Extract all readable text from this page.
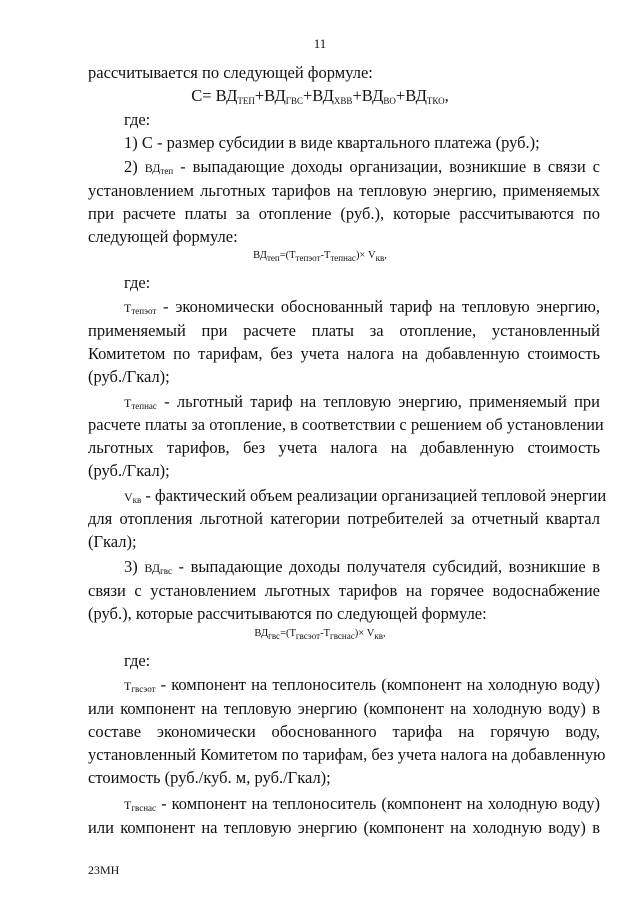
11
рассчитывается по следующей формуле:
$С= ВД_{ТЕП}+ВД_{ГВС}+ВД_{ХВВ}+ВД_{ВО}+ВД_{ТКО}$,
где:
1) С - размер субсидии в виде квартального платежа (руб.);
2) ВДтеп - выпадающие доходы организации, возникшие в связи с
установлением льготных тарифов на тепловую энергию, применяемых
при расчете платы за отопление (руб.), которые рассчитываются по
следующей формуле:
ВДтеп=(Ттепэот-Ттепнас)× Vкв,
где:
Ттепэот - экономически обоснованный тариф на тепловую энергию,
применяемый при расчете платы за отопление, установленный
Комитетом по тарифам, без учета налога на добавленную стоимость
(руб./Гкал);
Ттепнас - льготный тариф на тепловую энергию, применяемый при
расчете платы за отопление, в соответствии с решением об установлении
льготных тарифов, без учета налога на добавленную стоимость
(руб./Гкал);
Vкв - фактический объем реализации организацией тепловой энергии
для отопления льготной категории потребителей за отчетный квартал
(Гкал);
3) ВДгвс - выпадающие доходы получателя субсидий, возникшие в
связи с установлением льготных тарифов на горячее водоснабжение
(руб.), которые рассчитываются по следующей формуле:
ВДгвс=(Тгвсэот-Тгвснас)× Vкв,
где:
Тгвсэот - компонент на теплоноситель (компонент на холодную воду)
или компонент на тепловую энергию (компонент на холодную воду) в
составе экономически обоснованного тарифа на горячую воду,
установленный Комитетом по тарифам, без учета налога на добавленную
стоимость (руб./куб. м, руб./Гкал);
Тгвснас - компонент на теплоноситель (компонент на холодную воду)
или компонент на тепловую энергию (компонент на холодную воду) в
23МН
